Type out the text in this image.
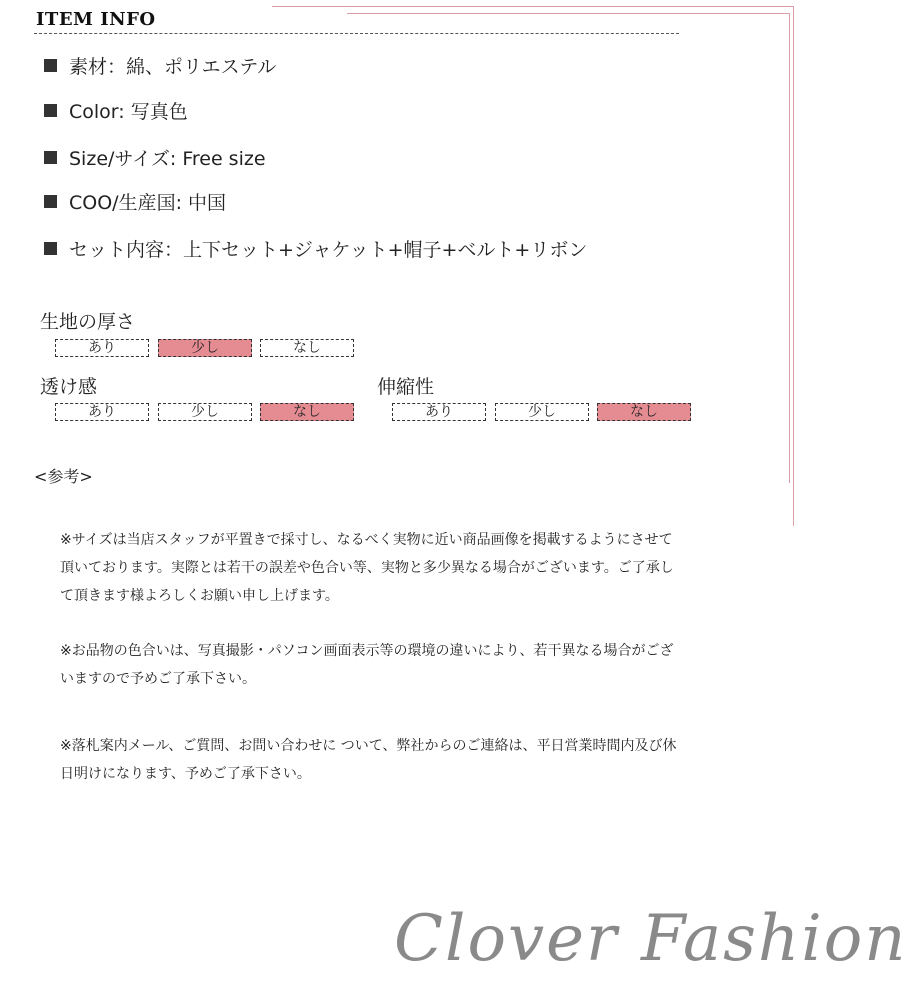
ITEM INFO
素材：綿、ポリエステル
Color: 写真色
Size/サイズ: Free size
COO/生産国: 中国
セット内容：上下セット+ジャケット+帽子+ベルト+リボン
生地の厚さ
あり	少し	なし
透け感
あり	少し	なし
伸縮性
あり	少し	なし
<参考>

※サイズは当店スタッフが平置きで採寸し、なるべく実物に近い商品画像を掲載するようにさせて頂いております。実際とは若干の誤差や色合い等、実物と多少異なる場合がございます。ご了承して頂きます様よろしくお願い申し上げます。

※お品物の色合いは、写真撮影・パソコン画面表示等の環境の違いにより、若干異なる場合がございますので予めご了承下さい。

※落札案内メール、ご質問、お問い合わせに ついて、弊社からのご連絡は、平日営業時間内及び休日明けになります、予めご了承下さい。

Clover Fashion
